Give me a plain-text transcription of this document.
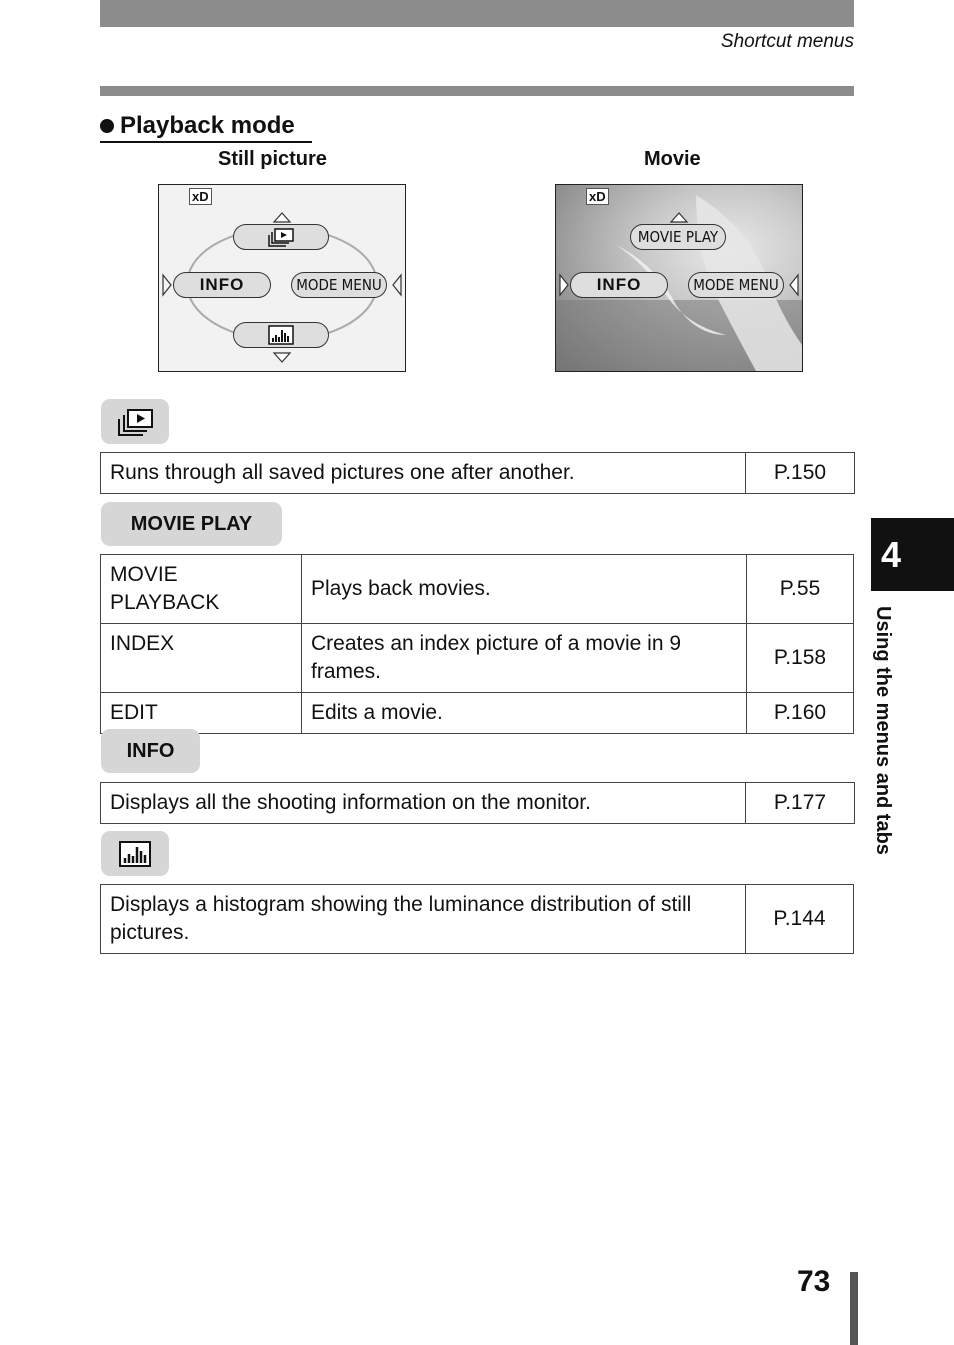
Shortcut menus
Playback mode
Still picture	Movie
xD
INFO	MODE MENU
xD
MOVIE PLAY
INFO	MODE MENU
Runs through all saved pictures one after another.	P.150
MOVIE PLAY
MOVIE PLAYBACK	Plays back movies.	P.55
INDEX	Creates an index picture of a movie in 9 frames.	P.158
EDIT	Edits a movie.	P.160
INFO
Displays all the shooting information on the monitor.	P.177
Displays a histogram showing the luminance distribution of still pictures.	P.144
4
Using the menus and tabs
73
